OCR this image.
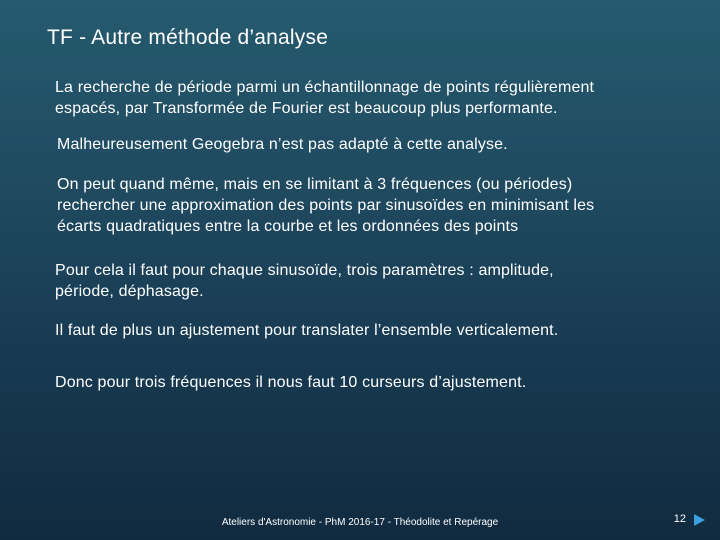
TF - Autre méthode d’analyse
La recherche de période parmi un échantillonnage de points régulièrement
espacés, par Transformée de Fourier est beaucoup plus performante.
Malheureusement Geogebra n’est pas adapté à cette analyse.
On peut quand même, mais en se limitant à 3 fréquences (ou périodes)
rechercher une approximation des points par sinusoïdes en minimisant les
écarts quadratiques entre la courbe et les ordonnées des points
Pour cela il faut pour chaque sinusoïde, trois paramètres : amplitude,
période, déphasage.
Il faut de plus un ajustement pour translater l’ensemble verticalement.
Donc pour trois fréquences il nous faut 10 curseurs d’ajustement.
Ateliers d'Astronomie - PhM 2016-17 - Théodolite et Repérage	12
